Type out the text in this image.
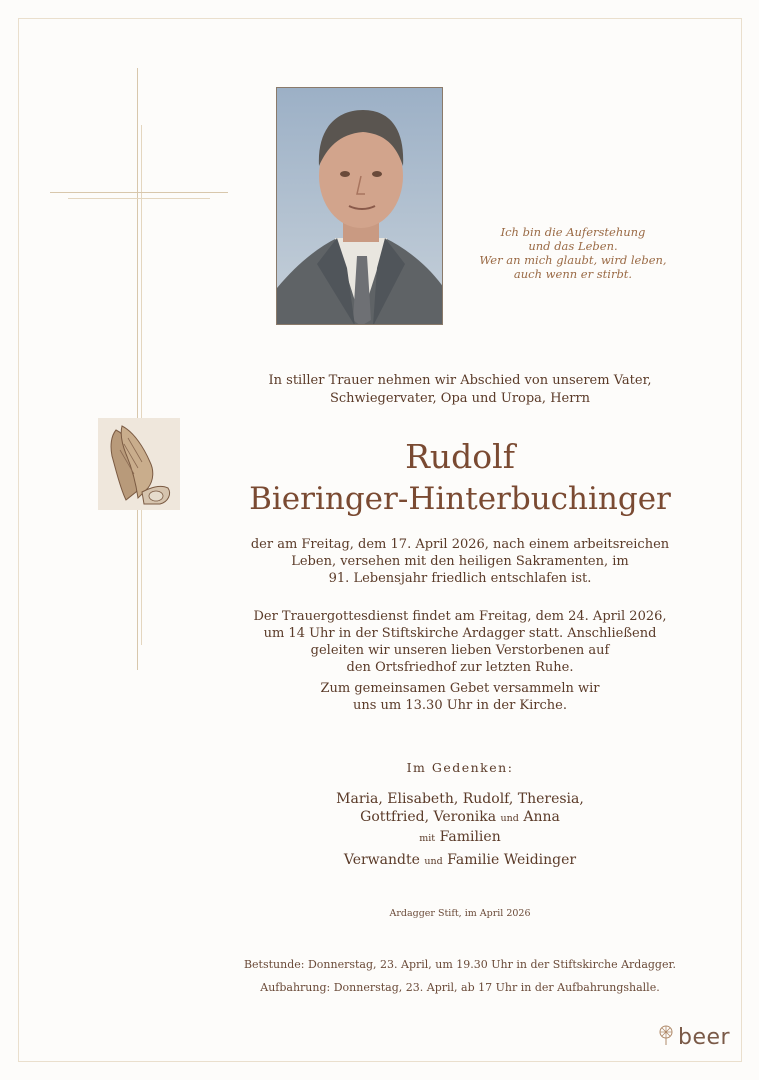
Ich bin die Auferstehung
und das Leben.
Wer an mich glaubt, wird leben,
auch wenn er stirbt.
In stiller Trauer nehmen wir Abschied von unserem Vater,
Schwiegervater, Opa und Uropa, Herrn
Rudolf
Bieringer-Hinterbuchinger
der am Freitag, dem 17. April 2026, nach einem arbeitsreichen
Leben, versehen mit den heiligen Sakramenten, im
91. Lebensjahr friedlich entschlafen ist.
Der Trauergottesdienst findet am Freitag, dem 24. April 2026,
um 14 Uhr in der Stiftskirche Ardagger statt. Anschließend
geleiten wir unseren lieben Verstorbenen auf
den Ortsfriedhof zur letzten Ruhe.
Zum gemeinsamen Gebet versammeln wir
uns um 13.30 Uhr in der Kirche.
Im Gedenken:
Maria, Elisabeth, Rudolf, Theresia,
Gottfried, Veronika und Anna
mit Familien
Verwandte und Familie Weidinger
Ardagger Stift, im April 2026
Betstunde: Donnerstag, 23. April, um 19.30 Uhr in der Stiftskirche Ardagger.
Aufbahrung: Donnerstag, 23. April, ab 17 Uhr in der Aufbahrungshalle.
beer
